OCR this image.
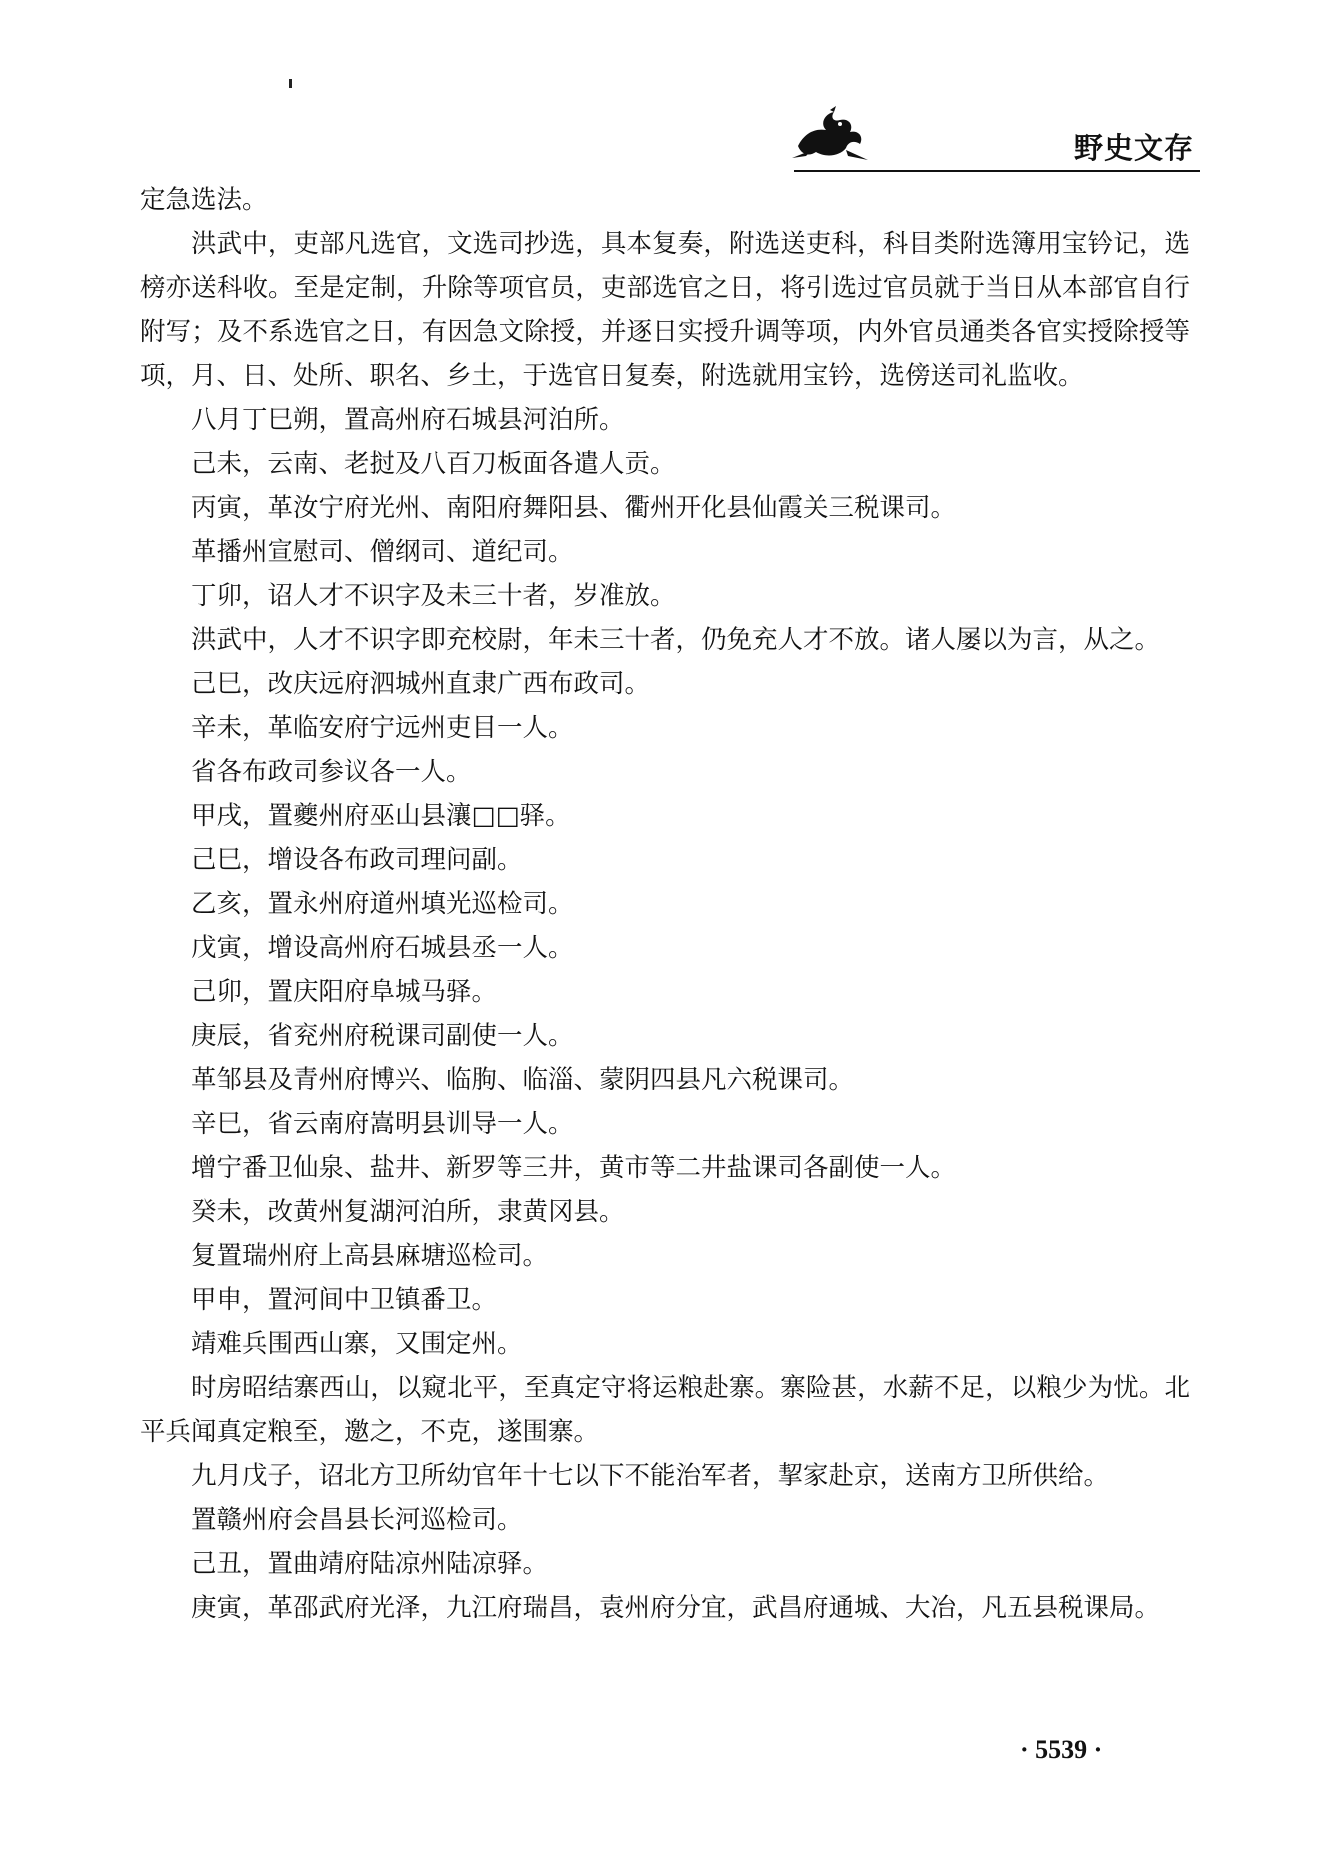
野史文存

定急选法。

洪武中，吏部凡选官，文选司抄选，具本复奏，附选送吏科，科目类附选簿用宝钤记，选榜亦送科收。至是定制，升除等项官员，吏部选官之日，将引选过官员就于当日从本部官自行附写；及不系选官之日，有因急文除授，并逐日实授升调等项，内外官员通类各官实授除授等项，月、日、处所、职名、乡土，于选官日复奏，附选就用宝钤，选傍送司礼监收。

八月丁巳朔，置高州府石城县河泊所。

己未，云南、老挝及八百刀板面各遣人贡。

丙寅，革汝宁府光州、南阳府舞阳县、衢州开化县仙霞关三税课司。

革播州宣慰司、僧纲司、道纪司。

丁卯，诏人才不识字及未三十者，岁准放。

洪武中，人才不识字即充校尉，年未三十者，仍免充人才不放。诸人屡以为言，从之。

己巳，改庆远府泗城州直隶广西布政司。

辛未，革临安府宁远州吏目一人。

省各布政司参议各一人。

甲戌，置夔州府巫山县瀼□□驿。

己巳，增设各布政司理问副。

乙亥，置永州府道州填光巡检司。

戊寅，增设高州府石城县丞一人。

己卯，置庆阳府阜城马驿。

庚辰，省兖州府税课司副使一人。

革邹县及青州府博兴、临朐、临淄、蒙阴四县凡六税课司。

辛巳，省云南府嵩明县训导一人。

增宁番卫仙泉、盐井、新罗等三井，黄市等二井盐课司各副使一人。

癸未，改黄州复湖河泊所，隶黄冈县。

复置瑞州府上高县麻塘巡检司。

甲申，置河间中卫镇番卫。

靖难兵围西山寨，又围定州。

时房昭结寨西山，以窥北平，至真定守将运粮赴寨。寨险甚，水薪不足，以粮少为忧。北平兵闻真定粮至，邀之，不克，遂围寨。

九月戊子，诏北方卫所幼官年十七以下不能治军者，挈家赴京，送南方卫所供给。

置赣州府会昌县长河巡检司。

己丑，置曲靖府陆凉州陆凉驿。

庚寅，革邵武府光泽，九江府瑞昌，袁州府分宜，武昌府通城、大冶，凡五县税课局。

· 5539 ·
